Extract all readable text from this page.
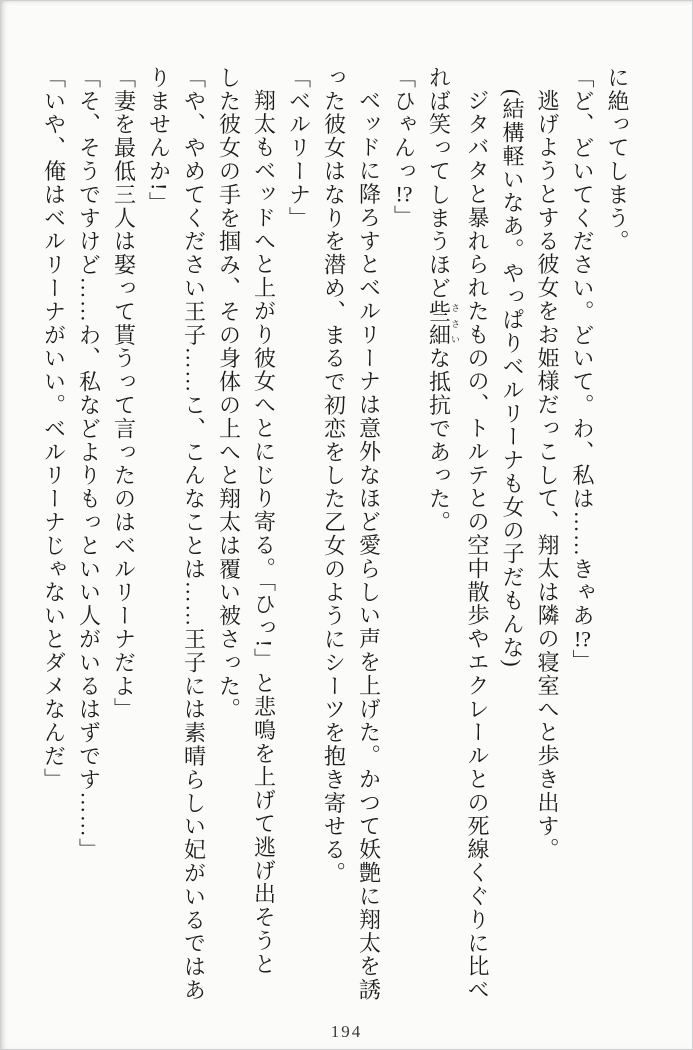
に絶ってしまう。
「ど、どいてください。どいて。わ、私は……きゃあ!?」
逃げようとする彼女をお姫様だっこして、翔太は隣の寝室へと歩き出す。
(結構軽いなあ。やっぱりベルリーナも女の子だもんな)
ジタバタと暴れられたものの、トルテとの空中散歩やエクレールとの死線くぐりに比べ
れば笑ってしまうほど些細ささいな抵抗であった。
「ひゃんっ!?」
ベッドに降ろすとベルリーナは意外なほど愛らしい声を上げた。かつて妖艶に翔太を誘
った彼女はなりを潜め、まるで初恋をした乙女のようにシーツを抱き寄せる。
「ベルリーナ」
翔太もベッドへと上がり彼女へとにじり寄る。「ひっ!」と悲鳴を上げて逃げ出そうと
した彼女の手を掴み、その身体の上へと翔太は覆い被さった。
「や、やめてください王子……こ、こんなことは……王子には素晴らしい妃がいるではあ
りませんか!」
「妻を最低三人は娶って貰うって言ったのはベルリーナだよ」
「そ、そうですけど……わ、私などよりもっといい人がいるはずです……」
「いや、俺はベルリーナがいい。ベルリーナじゃないとダメなんだ」
194
